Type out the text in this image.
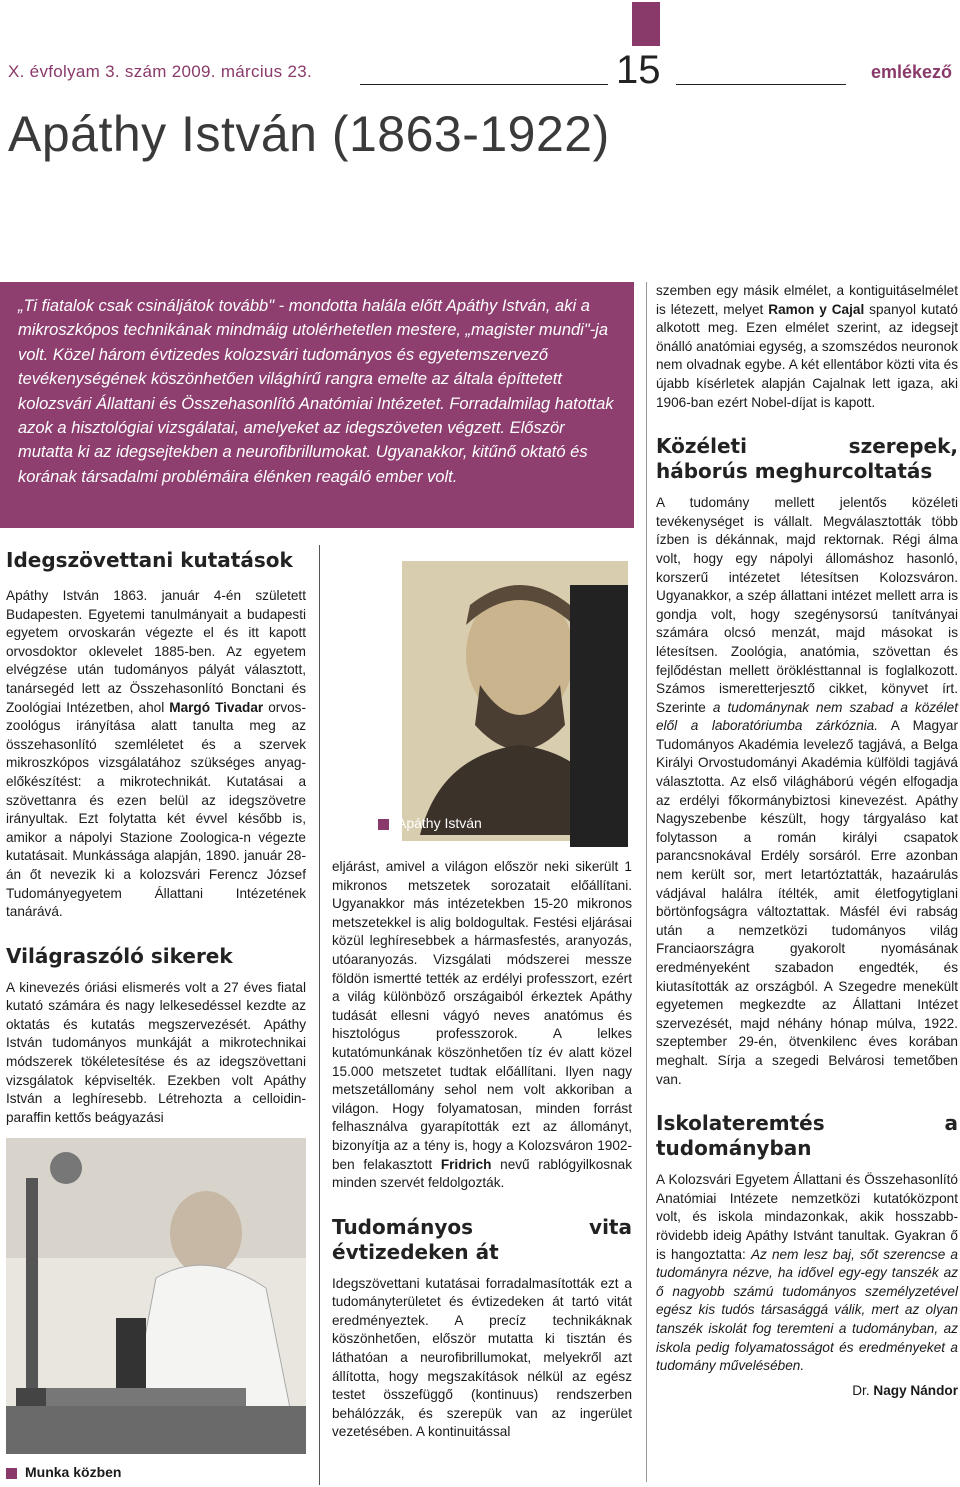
X. évfolyam 3. szám 2009. március 23.	15	emlékező
Apáthy István (1863-1922)

„Ti fiatalok csak csináljátok tovább" - mondotta halála előtt Apáthy István, aki a mikroszkópos technikának mindmáig utolérhetetlen mestere, „magister mundi"-ja volt. Közel három évtizedes kolozsvári tudományos és egyetemszervező tevékenységének köszönhetően világhírű rangra emelte az általa építtetett kolozsvári Állattani és Összehasonlító Anatómiai Intézetet. Forradalmilag hatottak azok a hisztológiai vizsgálatai, amelyeket az idegszöveten végzett. Először mutatta ki az idegsejtekben a neurofibrillumokat. Ugyanakkor, kitűnő oktató és korának társadalmi problémáira élénken reagáló ember volt.

Idegszövettani kutatások

Apáthy István 1863. január 4-én született Budapesten. Egyetemi tanulmányait a budapesti egyetem orvoskarán végezte el és itt kapott orvosdoktor oklevelet 1885-ben. Az egyetem elvégzése után tudományos pályát választott, tanársegéd lett az Összehasonlító Bonctani és Zoológiai Intézetben, ahol Margó Tivadar orvos-zoológus irányítása alatt tanulta meg az összehasonlító szemléletet és a szervek mikroszkópos vizsgálatához szükséges anyag-előkészítést: a mikrotechnikát. Kutatásai a szövettanra és ezen belül az idegszövetre irányultak. Ezt folytatta két évvel később is, amikor a nápolyi Stazione Zoologica-n végezte kutatásait. Munkássága alapján, 1890. január 28-án őt nevezik ki a kolozsvári Ferencz József Tudományegyetem Állattani Intézetének tanárává.

Világraszóló sikerek

A kinevezés óriási elismerés volt a 27 éves fiatal kutató számára és nagy lelkesedéssel kezdte az oktatás és kutatás megszervezését. Apáthy István tudományos munkáját a mikrotechnikai módszerek tökéletesítése és az idegszövettani vizsgálatok képviselték. Ezekben volt Apáthy István a leghíresebb. Létrehozta a celloidin-paraffin kettős beágyazási

Munka közben
Apáthy István

eljárást, amivel a világon először neki sikerült 1 mikronos metszetek sorozatait előállítani. Ugyanakkor más intézetekben 15-20 mikronos metszetekkel is alig boldogultak. Festési eljárásai közül leghíresebbek a hármasfestés, aranyozás, utóaranyozás. Vizsgálati módszerei messze földön ismertté tették az erdélyi professzort, ezért a világ különböző országaiból érkeztek Apáthy tudását ellesni vágyó neves anatómus és hisztológus professzorok. A lelkes kutatómunkának köszönhetően tíz év alatt közel 15.000 metszetet tudtak előállítani. Ilyen nagy metszetállomány sehol nem volt akkoriban a világon. Hogy folyamatosan, minden forrást felhasználva gyarapították ezt az állományt, bizonyítja az a tény is, hogy a Kolozsváron 1902-ben felakasztott Fridrich nevű rablógyilkosnak minden szervét feldolgozták.

Tudományos vita évtizedeken át

Idegszövettani kutatásai forradalmasították ezt a tudományterületet és évtizedeken át tartó vitát eredményeztek. A precíz technikáknak köszönhetően, először mutatta ki tisztán és láthatóan a neurofibrillumokat, melyekről azt állította, hogy megszakítások nélkül az egész testet összefüggő (kontinuus) rendszerben behálózzák, és szerepük van az ingerület vezetésében. A kontinuitással

szemben egy másik elmélet, a kontiguitáselmélet is létezett, melyet Ramon y Cajal spanyol kutató alkotott meg. Ezen elmélet szerint, az idegsejt önálló anatómiai egység, a szomszédos neuronok nem olvadnak egybe. A két ellentábor közti vita és újabb kísérletek alapján Cajalnak lett igaza, aki 1906-ban ezért Nobel-díjat is kapott.

Közéleti szerepek, háborús meghurcoltatás

A tudomány mellett jelentős közéleti tevékenységet is vállalt. Megválasztották több ízben is dékánnak, majd rektornak. Régi álma volt, hogy egy nápolyi állomáshoz hasonló, korszerű intézetet létesítsen Kolozsváron. Ugyanakkor, a szép állattani intézet mellett arra is gondja volt, hogy szegénysorsú tanítványai számára olcsó menzát, majd másokat is létesítsen. Zoológia, anatómia, szövettan és fejlődéstan mellett öröklésttannal is foglalkozott. Számos ismeretterjesztő cikket, könyvet írt. Szerinte a tudománynak nem szabad a közélet elől a laboratóriumba zárkóznia. A Magyar Tudományos Akadémia levelező tagjává, a Belga Királyi Orvostudományi Akadémia külföldi tagjává választotta. Az első világháború végén elfogadja az erdélyi főkormánybiztosi kinevezést. Apáthy Nagyszebenbe készült, hogy tárgyaláso kat folytasson a román királyi csapatok parancsnokával Erdély sorsáról. Erre azonban nem került sor, mert letartóztatták, hazaárulás vádjával halálra ítélték, amit életfogytiglani börtönfogságra változtattak. Másfél évi rabság után a nemzetközi tudományos világ Franciaországra gyakorolt nyomásának eredményeként szabadon engedték, és kiutasították az országból. A Szegedre menekült egyetemen megkezdte az Állattani Intézet szervezését, majd néhány hónap múlva, 1922. szeptember 29-én, ötvenkilenc éves korában meghalt. Sírja a szegedi Belvárosi temetőben van.

Iskolateremtés a tudományban

A Kolozsvári Egyetem Állattani és Összehasonlító Anatómiai Intézete nemzetközi kutatóközpont volt, és iskola mindazonkak, akik hosszabb-rövidebb ideig Apáthy Istvánt tanultak. Gyakran ő is hangoztatta: Az nem lesz baj, sőt szerencse a tudományra nézve, ha idővel egy-egy tanszék az ő nagyobb számú tudományos személyzetével egész kis tudós társasággá válik, mert az olyan tanszék iskolát fog teremteni a tudományban, az iskola pedig folyamatosságot és eredményeket a tudomány művelésében.

Dr. Nagy Nándor
